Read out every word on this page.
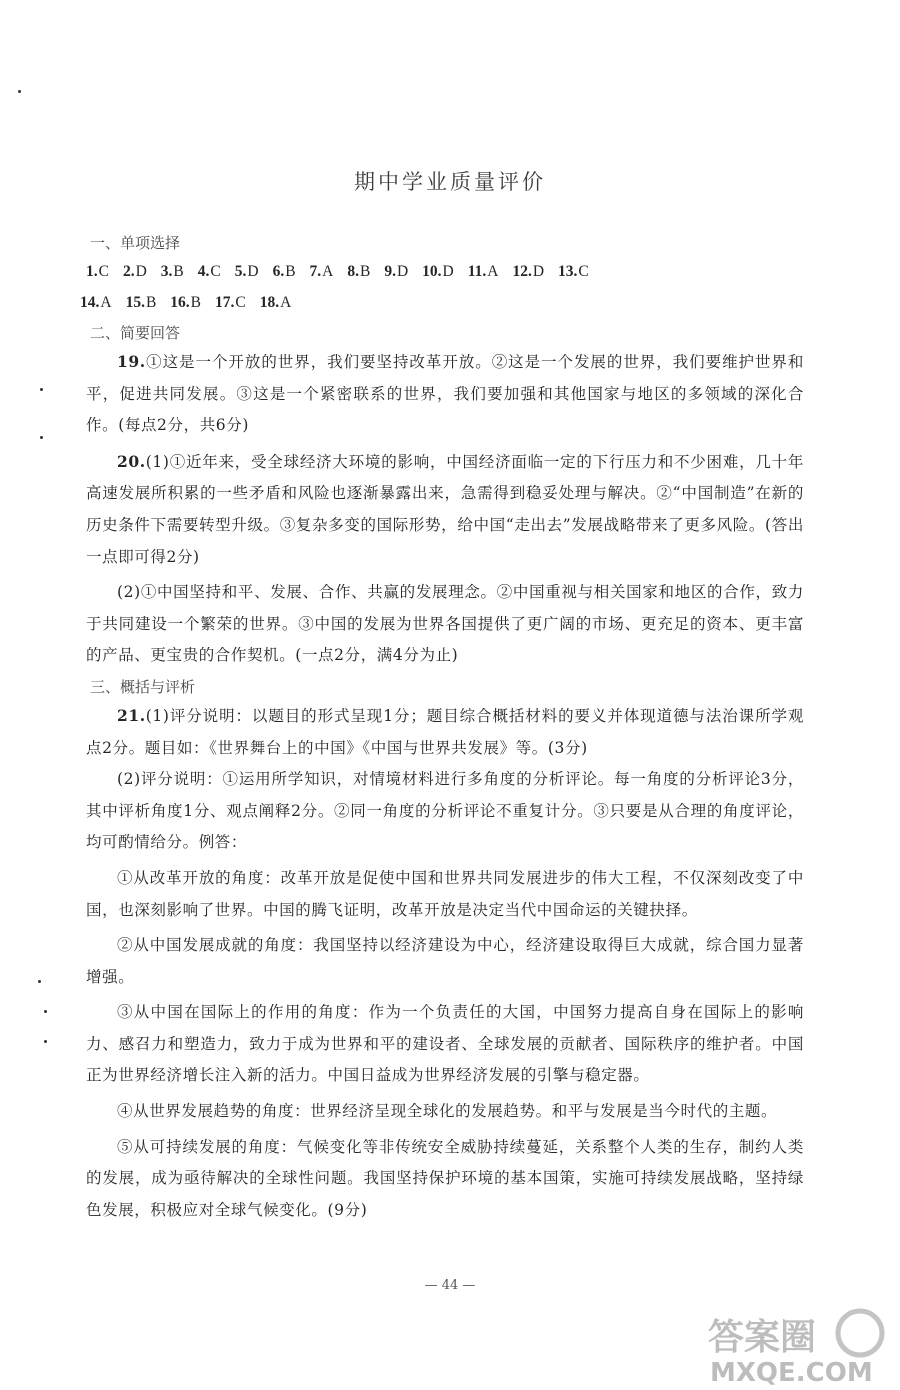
期中学业质量评价
一、单项选择
1.C 2.D 3.B 4.C 5.D 6.B 7.A 8.B 9.D 10.D 11.A 12.D 13.C
14.A 15.B 16.B 17.C 18.A
二、简要回答

19.①这是一个开放的世界，我们要坚持改革开放。②这是一个发展的世界，我们要维护世界和平，促进共同发展。③这是一个紧密联系的世界，我们要加强和其他国家与地区的多领域的深化合作。(每点2分，共6分)

20.(1)①近年来，受全球经济大环境的影响，中国经济面临一定的下行压力和不少困难，几十年高速发展所积累的一些矛盾和风险也逐渐暴露出来，急需得到稳妥处理与解决。②“中国制造”在新的历史条件下需要转型升级。③复杂多变的国际形势，给中国“走出去”发展战略带来了更多风险。(答出一点即可得2分)

(2)①中国坚持和平、发展、合作、共赢的发展理念。②中国重视与相关国家和地区的合作，致力于共同建设一个繁荣的世界。③中国的发展为世界各国提供了更广阔的市场、更充足的资本、更丰富的产品、更宝贵的合作契机。(一点2分，满4分为止)

三、概括与评析

21.(1)评分说明：以题目的形式呈现1分；题目综合概括材料的要义并体现道德与法治课所学观点2分。题目如：《世界舞台上的中国》《中国与世界共发展》等。(3分)

(2)评分说明：①运用所学知识，对情境材料进行多角度的分析评论。每一角度的分析评论3分，其中评析角度1分、观点阐释2分。②同一角度的分析评论不重复计分。③只要是从合理的角度评论，均可酌情给分。例答：

①从改革开放的角度：改革开放是促使中国和世界共同发展进步的伟大工程，不仅深刻改变了中国，也深刻影响了世界。中国的腾飞证明，改革开放是决定当代中国命运的关键抉择。

②从中国发展成就的角度：我国坚持以经济建设为中心，经济建设取得巨大成就，综合国力显著增强。

③从中国在国际上的作用的角度：作为一个负责任的大国，中国努力提高自身在国际上的影响力、感召力和塑造力，致力于成为世界和平的建设者、全球发展的贡献者、国际秩序的维护者。中国正为世界经济增长注入新的活力。中国日益成为世界经济发展的引擎与稳定器。

④从世界发展趋势的角度：世界经济呈现全球化的发展趋势。和平与发展是当今时代的主题。

⑤从可持续发展的角度：气候变化等非传统安全威胁持续蔓延，关系整个人类的生存，制约人类的发展，成为亟待解决的全球性问题。我国坚持保护环境的基本国策，实施可持续发展战略，坚持绿色发展，积极应对全球气候变化。(9分)

— 44 —
答案圈
MXQE.COM
